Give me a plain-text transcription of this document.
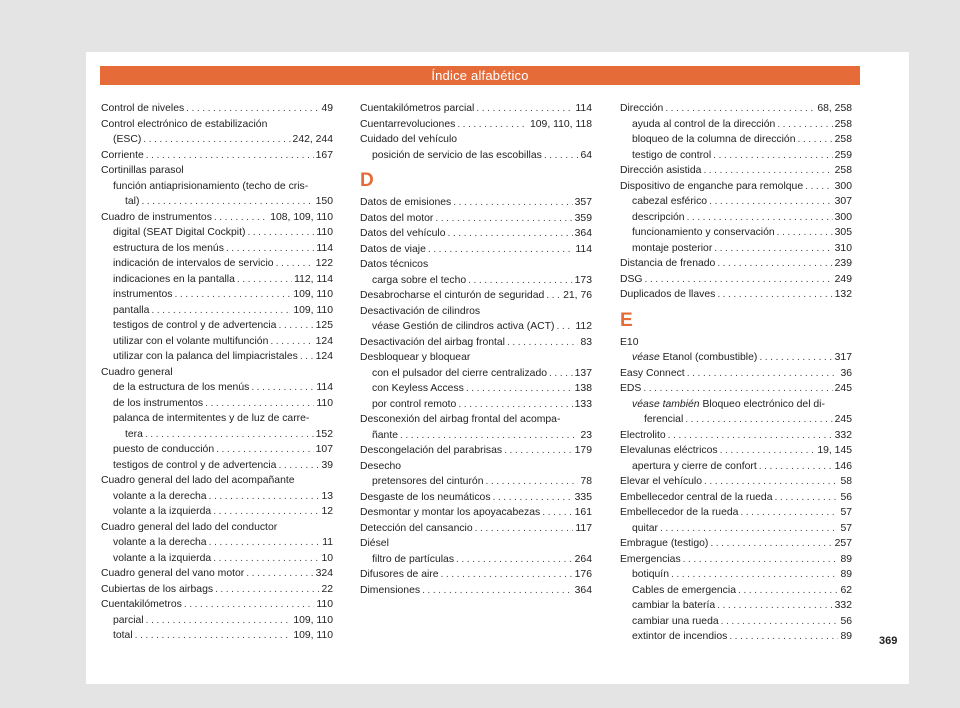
Índice alfabético
Control de niveles . . .	49
Control electrónico de estabilización
(ESC) . . .	242, 244
Corriente . . .	167
Cortinillas parasol
función antiaprisionamiento (techo de cris-
tal) . . .	150
Cuadro de instrumentos . . .	108, 109, 110
digital (SEAT Digital Cockpit) . . .	110
estructura de los menús . . .	114
indicación de intervalos de servicio . . .	122
indicaciones en la pantalla . . .	112, 114
instrumentos . . .	109, 110
pantalla . . .	109, 110
testigos de control y de advertencia . . .	125
utilizar con el volante multifunción . . .	124
utilizar con la palanca del limpiacristales . . . 124
Cuadro general
de la estructura de los menús . . .	114
de los instrumentos . . .	110
palanca de intermitentes y de luz de carre-
tera . . .	152
puesto de conducción . . .	107
testigos de control y de advertencia . . .	39
Cuadro general del lado del acompañante
volante a la derecha . . .	13
volante a la izquierda . . .	12
Cuadro general del lado del conductor
volante a la derecha . . .	11
volante a la izquierda . . .	10
Cuadro general del vano motor . . .	324
Cubiertas de los airbags . . .	22
Cuentakilómetros . . .	110
parcial . . .	109, 110
total . . .	109, 110
Cuentakilómetros parcial . . .	114
Cuentarrevoluciones . . .	109, 110, 118
Cuidado del vehículo
posición de servicio de las escobillas . . .	64
D
Datos de emisiones . . .	357
Datos del motor . . .	359
Datos del vehículo . . .	364
Datos de viaje . . .	114
Datos técnicos
carga sobre el techo . . .	173
Desabrocharse el cinturón de seguridad . . . 21, 76
Desactivación de cilindros
véase Gestión de cilindros activa (ACT) . . . 112
Desactivación del airbag frontal . . .	83
Desbloquear y bloquear
con el pulsador del cierre centralizado . . .	137
con Keyless Access . . .	138
por control remoto . . .	133
Desconexión del airbag frontal del acompa-
ñante . . .	23
Descongelación del parabrisas . . .	179
Desecho
pretensores del cinturón . . .	78
Desgaste de los neumáticos . . .	335
Desmontar y montar los apoyacabezas . . .	161
Detección del cansancio . . .	117
Diésel
filtro de partículas . . .	264
Difusores de aire . . .	176
Dimensiones . . .	364
Dirección . . .	68, 258
ayuda al control de la dirección . . .	258
bloqueo de la columna de dirección . . .	258
testigo de control . . .	259
Dirección asistida . . .	258
Dispositivo de enganche para remolque . . .	300
cabezal esférico . . .	307
descripción . . .	300
funcionamiento y conservación . . .	305
montaje posterior . . .	310
Distancia de frenado . . .	239
DSG . . .	249
Duplicados de llaves . . .	132
E
E10
véase Etanol (combustible) . . .	317
Easy Connect . . .	36
EDS . . .	245
véase también Bloqueo electrónico del di-
ferencial . . .	245
Electrolito . . .	332
Elevalunas eléctricos . . .	19, 145
apertura y cierre de confort . . .	146
Elevar el vehículo . . .	58
Embellecedor central de la rueda . . .	56
Embellecedor de la rueda . . .	57
quitar . . .	57
Embrague (testigo) . . .	257
Emergencias . . .	89
botiquín . . .	89
Cables de emergencia . . .	62
cambiar la batería . . .	332
cambiar una rueda . . .	56
extintor de incendios . . .	89 369
